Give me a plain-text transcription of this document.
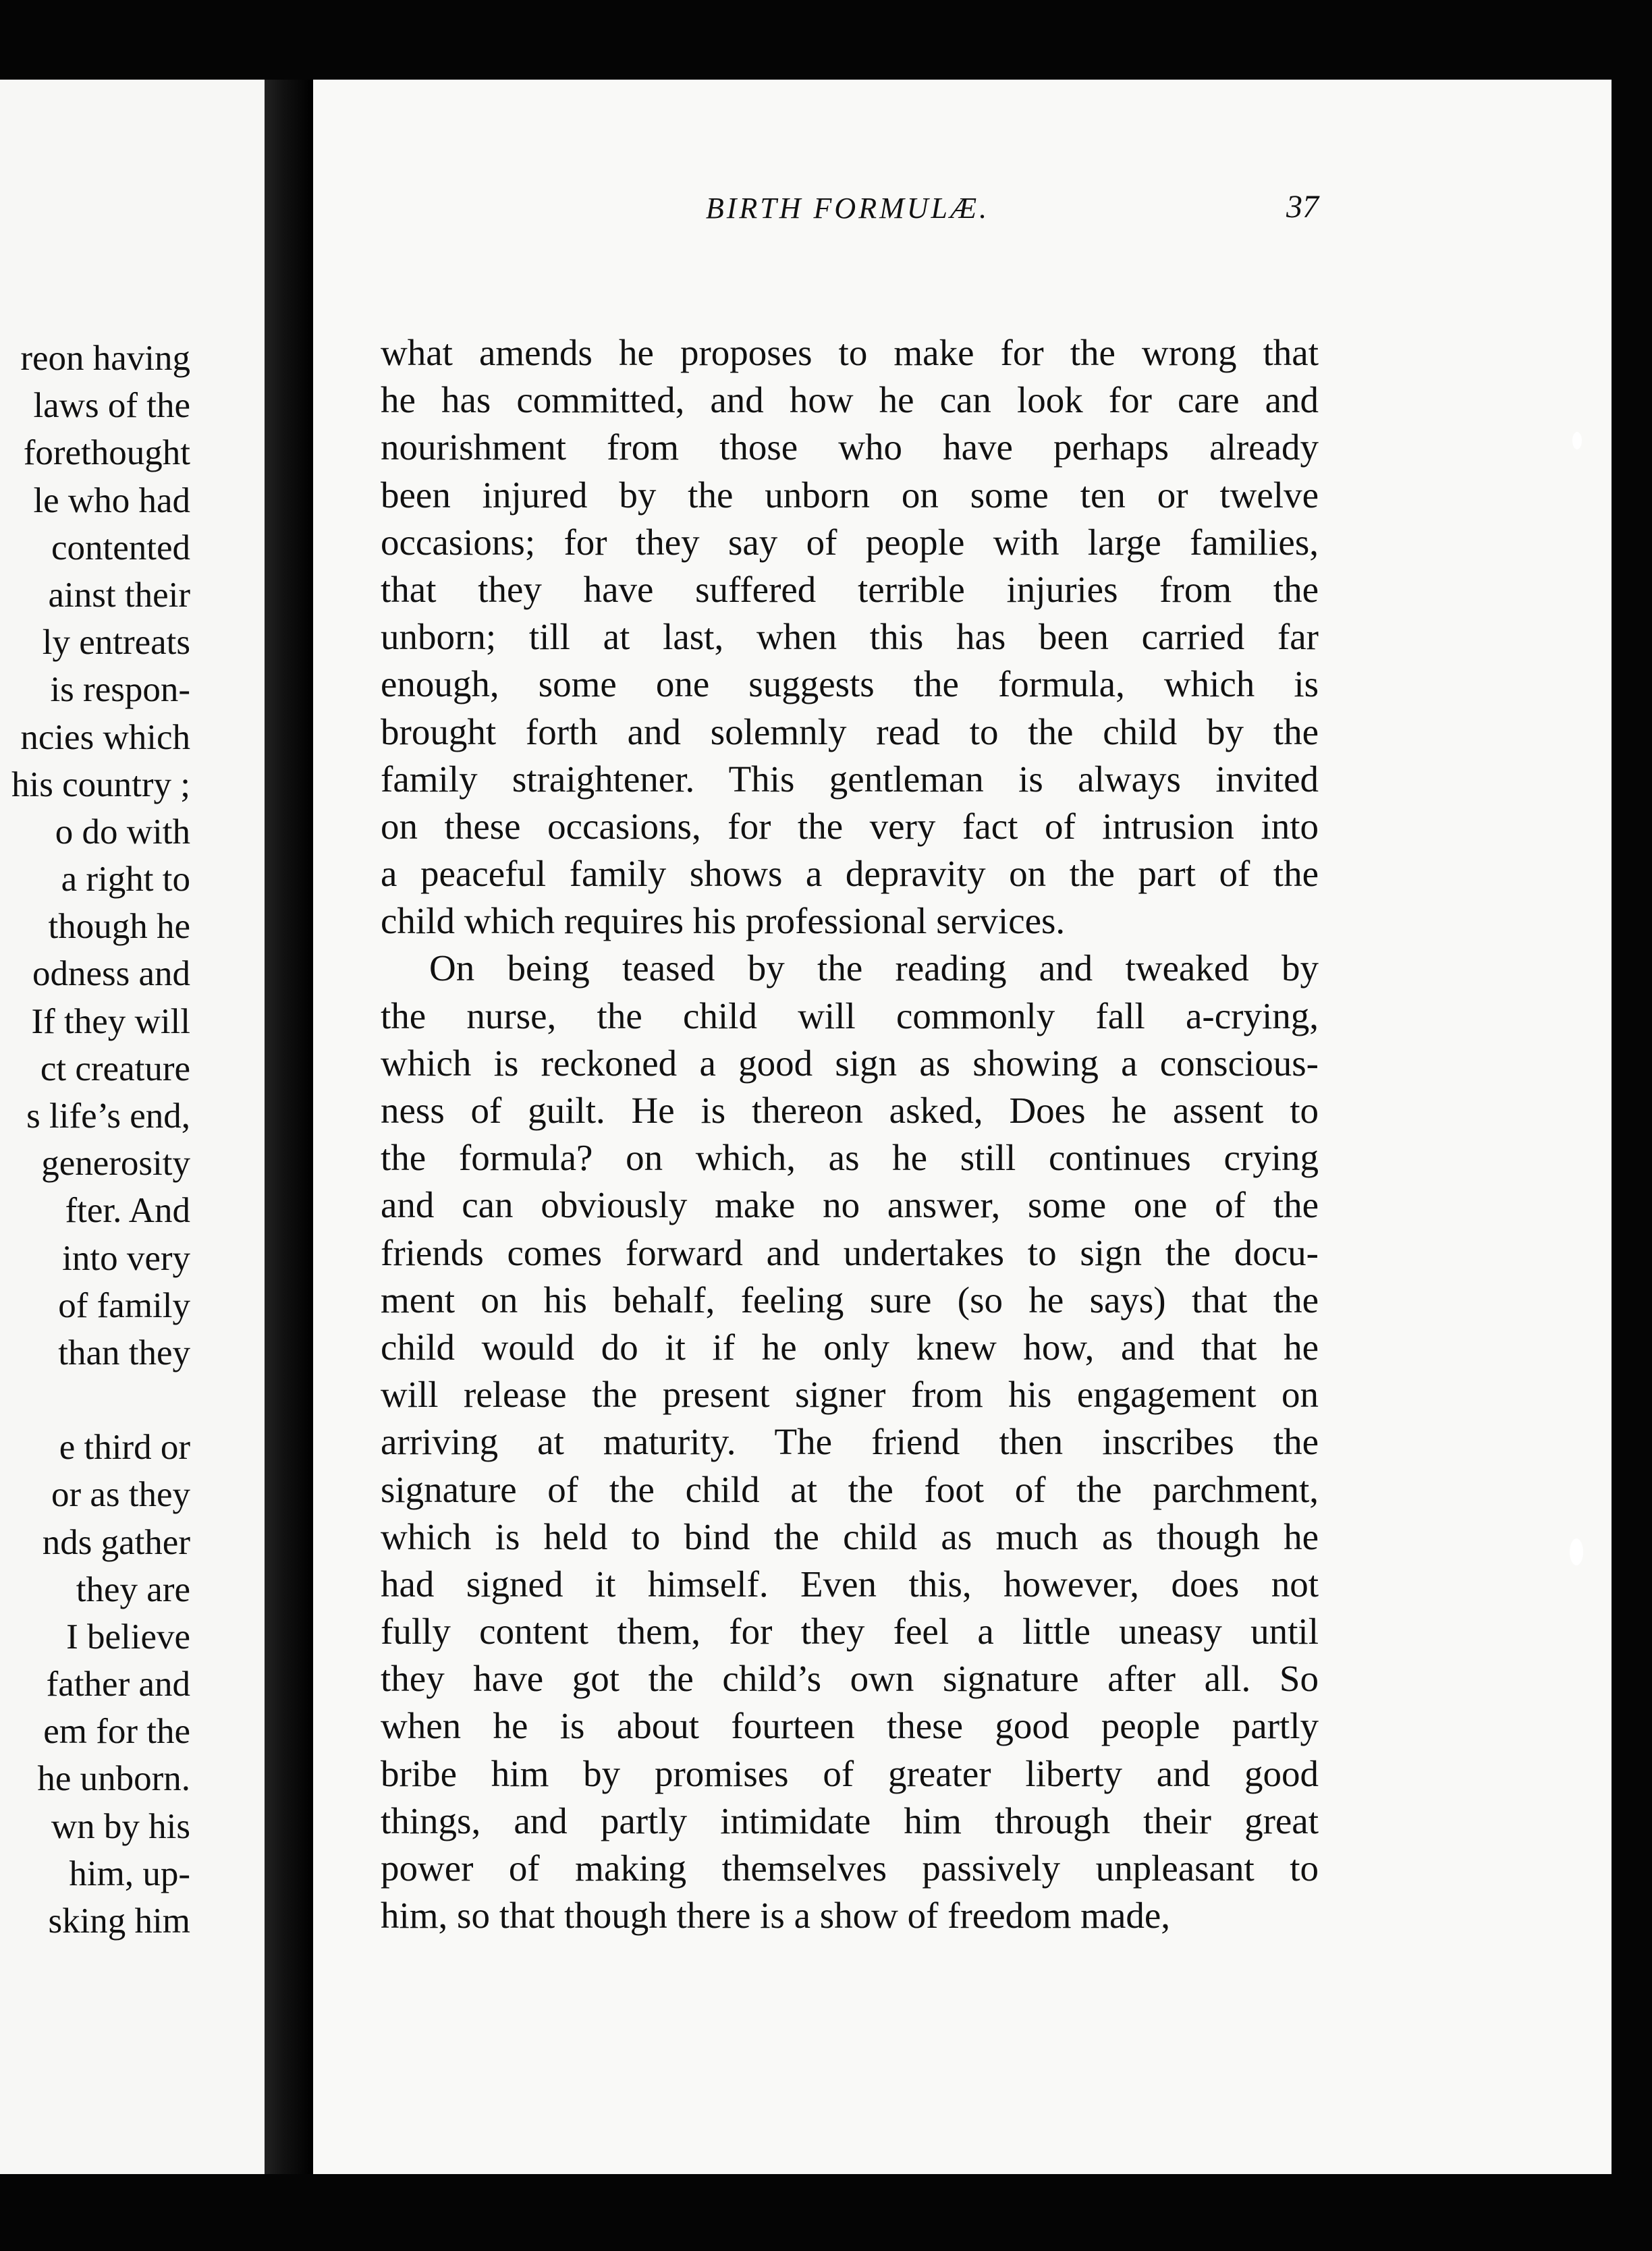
reon having
laws of the
forethought
le who had
contented
ainst their
ly entreats
is respon-
ncies which
his country ;
o do with
a right to
though he
odness and
If they will
ct creature
s life’s end,
generosity
fter. And
into very
of family
than they
e third or
or as they
nds gather
they are
I believe
father and
em for the
he unborn.
wn by his
him, up-
sking him
BIRTH FORMULÆ.	37
what amends he proposes to make for the wrong that
he has committed, and how he can look for care and
nourishment from those who have perhaps already
been injured by the unborn on some ten or twelve
occasions; for they say of people with large families,
that they have suffered terrible injuries from the
unborn; till at last, when this has been carried far
enough, some one suggests the formula, which is
brought forth and solemnly read to the child by the
family straightener. This gentleman is always invited
on these occasions, for the very fact of intrusion into
a peaceful family shows a depravity on the part of the
child which requires his professional services.
On being teased by the reading and tweaked by
the nurse, the child will commonly fall a-crying,
which is reckoned a good sign as showing a conscious-
ness of guilt. He is thereon asked, Does he assent to
the formula? on which, as he still continues crying
and can obviously make no answer, some one of the
friends comes forward and undertakes to sign the docu-
ment on his behalf, feeling sure (so he says) that the
child would do it if he only knew how, and that he
will release the present signer from his engagement on
arriving at maturity. The friend then inscribes the
signature of the child at the foot of the parchment,
which is held to bind the child as much as though he
had signed it himself. Even this, however, does not
fully content them, for they feel a little uneasy until
they have got the child’s own signature after all. So
when he is about fourteen these good people partly
bribe him by promises of greater liberty and good
things, and partly intimidate him through their great
power of making themselves passively unpleasant to
him, so that though there is a show of freedom made,
